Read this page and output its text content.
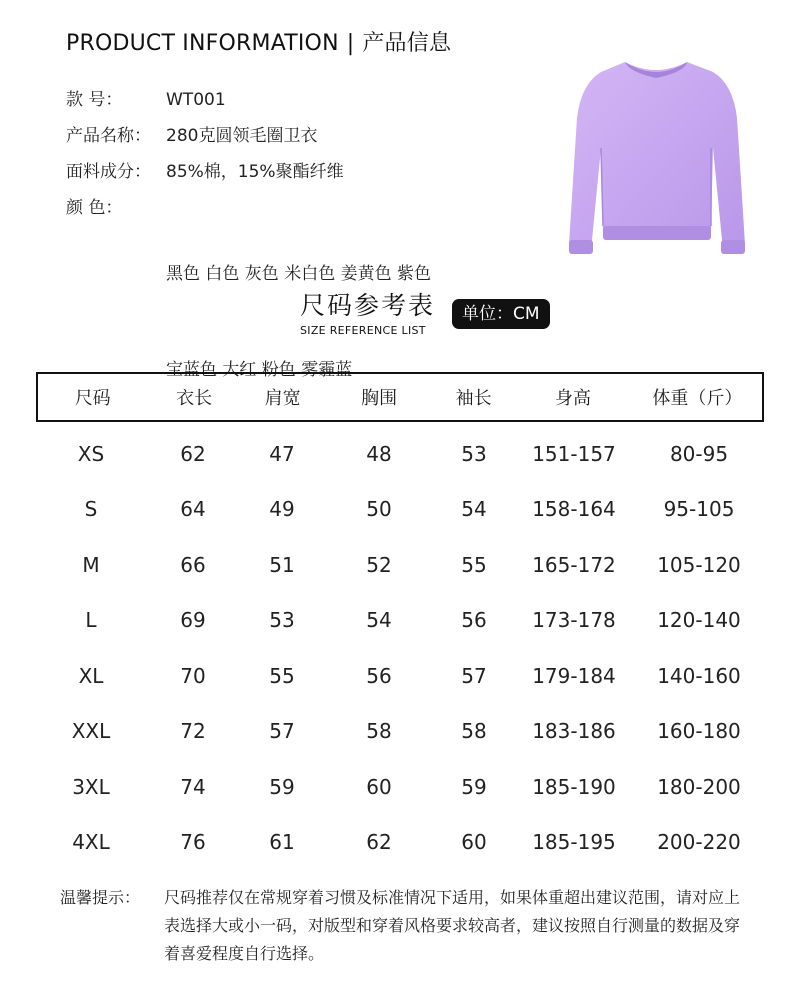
PRODUCT INFORMATION | 产品信息
款 号：	WT001
产品名称： 280克圆领毛圈卫衣
面料成分： 85%棉，15%聚酯纤维
颜 色：

黑色 白色 灰色 米白色 姜黄色 紫色

宝蓝色 大红 粉色 雾霾蓝

尺码参考表
SIZE REFERENCE LIST
单位：CM
尺码	衣长	肩宽	胸围	袖长	身高	体重（斤）
XS	62	47	48	53	151-157	80-95
S	64	49	50	54	158-164	95-105
M	66	51	52	55	165-172	105-120
L	69	53	54	56	173-178	120-140
XL	70	55	56	57	179-184	140-160
XXL	72	57	58	58	183-186	160-180
3XL	74	59	60	59	185-190	180-200
4XL	76	61	62	60	185-195	200-220
温馨提示：	尺码推荐仅在常规穿着习惯及标准情况下适用，如果体重超出建议范围，请对应上表选择大或小一码，对版型和穿着风格要求较高者，建议按照自行测量的数据及穿着喜爱程度自行选择。
